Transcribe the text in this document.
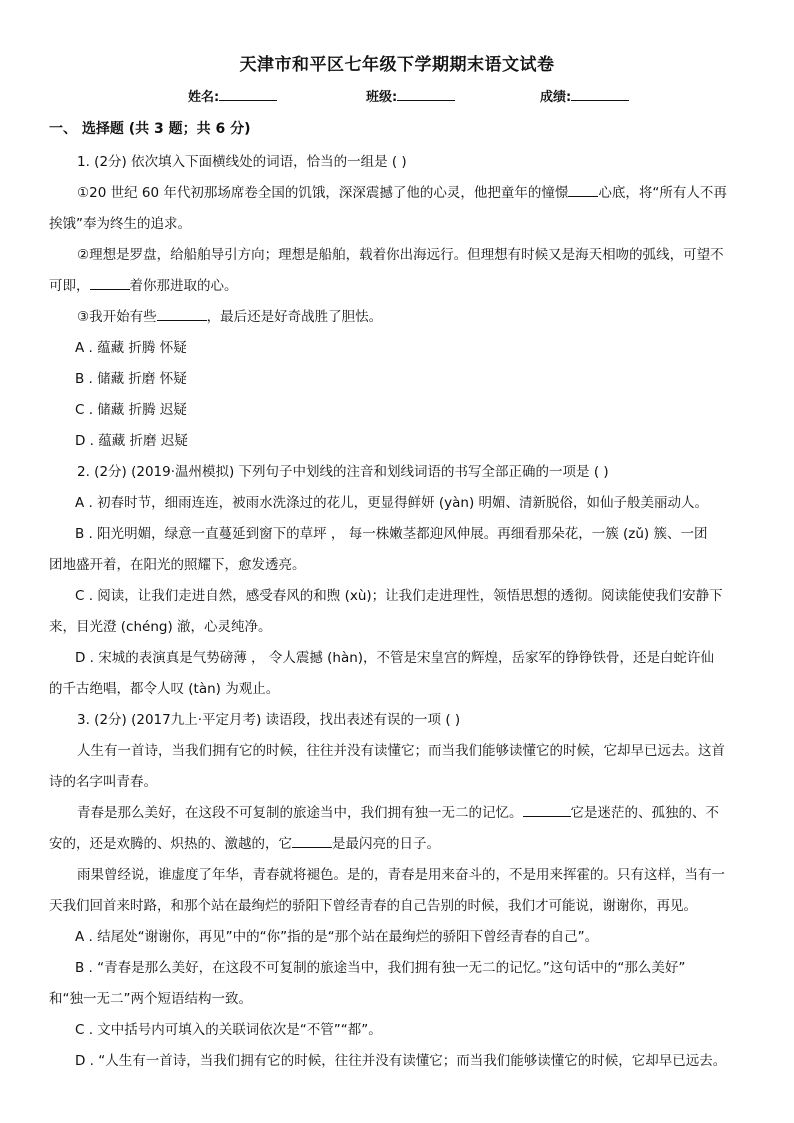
天津市和平区七年级下学期期末语文试卷
姓名:	班级:	成绩:
一、 选择题 (共 3 题；共 6 分)

1. (2分) 依次填入下面横线处的词语，恰当的一组是 ( )

①20 世纪 60 年代初那场席卷全国的饥饿，深深震撼了他的心灵，他把童年的憧憬 心底，将“所有人不再

挨饿”奉为终生的追求。

②理想是罗盘，给船舶导引方向；理想是船舶，载着你出海远行。但理想有时候又是海天相吻的弧线，可望不

可即，	着你那进取的心。

③我开始有些	，最后还是好奇战胜了胆怯。

A . 蕴藏 折腾 怀疑

B . 储藏 折磨 怀疑

C . 储藏 折腾 迟疑

D . 蕴藏 折磨 迟疑

2. (2分) (2019·温州模拟) 下列句子中划线的注音和划线词语的书写全部正确的一项是 ( )

A . 初春时节，细雨连连，被雨水洗涤过的花儿，更显得鲜妍 (yàn) 明媚、清新脱俗，如仙子般美丽动人。

B . 阳光明媚，绿意一直蔓延到窗下的草坪 ， 每一株嫩茎都迎风伸展。再细看那朵花，一簇 (zǔ) 簇、一团

团地盛开着，在阳光的照耀下，愈发透亮。

C . 阅读，让我们走进自然，感受春风的和煦 (xù)；让我们走进理性，领悟思想的透彻。阅读能使我们安静下

来，目光澄 (chéng) 澈，心灵纯净。

D . 宋城的表演真是气势磅薄 ， 令人震撼 (hàn)，不管是宋皇宫的辉煌，岳家军的铮铮铁骨，还是白蛇许仙

的千古绝唱，都令人叹 (tàn) 为观止。

3. (2分) (2017九上·平定月考) 读语段，找出表述有误的一项 ( )

人生有一首诗，当我们拥有它的时候，往往并没有读懂它；而当我们能够读懂它的时候，它却早已远去。这首

诗的名字叫青春。

青春是那么美好，在这段不可复制的旅途当中，我们拥有独一无二的记忆。	它是迷茫的、孤独的、不

安的，还是欢腾的、炽热的、激越的，它	是最闪亮的日子。

雨果曾经说，谁虚度了年华，青春就将褪色。是的，青春是用来奋斗的，不是用来挥霍的。只有这样，当有一

天我们回首来时路，和那个站在最绚烂的骄阳下曾经青春的自己告别的时候，我们才可能说，谢谢你，再见。

A . 结尾处“谢谢你，再见”中的“你”指的是“那个站在最绚烂的骄阳下曾经青春的自己”。

B . “青春是那么美好，在这段不可复制的旅途当中，我们拥有独一无二的记忆。”这句话中的“那么美好”

和“独一无二”两个短语结构一致。

C . 文中括号内可填入的关联词依次是“不管”“都”。

D . “人生有一首诗，当我们拥有它的时候，往往并没有读懂它；而当我们能够读懂它的时候，它却早已远去。
